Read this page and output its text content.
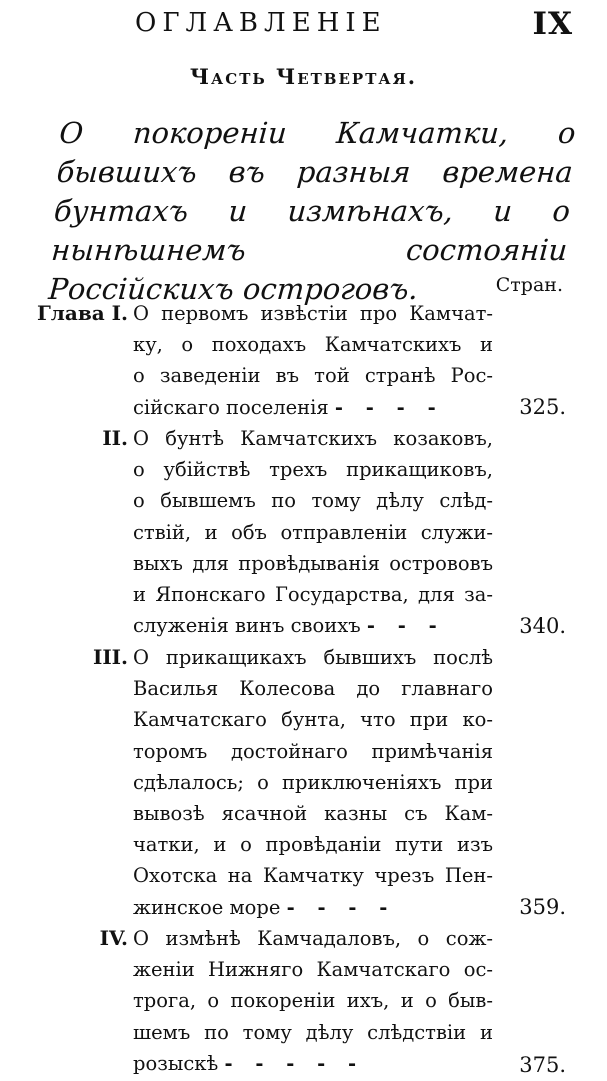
ОГЛАВЛЕНІЕ	IX
Часть Четвертая.
О покореніи Камчатки, о бывшихъ въ разныя времена бунтахъ и измѣнахъ, и о нынѣшнемъ состояніи Россійскихъ остроговъ.	Стран.
Глава I. О первомъ извѣстіи про Камчат-
ку, о походахъ Камчатскихъ и
о заведеніи въ той странѣ Рос-
сійскаго поселенія - - - -	325.
II. О бунтѣ Камчатскихъ козаковъ,
о убійствѣ трехъ прикащиковъ,
о бывшемъ по тому дѣлу слѣд-
ствій, и объ отправленіи служи-
выхъ для провѣдыванія острововъ
и Японскаго Государства, для за-
служенія винъ своихъ - - -	340.
III. О прикащикахъ бывшихъ послѣ
Василья Колесова до главнаго
Камчатскаго бунта, что при ко-
торомъ достойнаго примѣчанія
сдѣлалось; о приключеніяхъ при
вывозѣ ясачной казны съ Кам-
чатки, и о провѣданіи пути изъ
Охотска на Камчатку чрезъ Пен-
жинское море - - - -	359.
IV. О измѣнѣ Камчадаловъ, о сож-
женіи Нижняго Камчатскаго ос-
трога, о покореніи ихъ, и о быв-
шемъ по тому дѣлу слѣдствіи и
розыскѣ - - - - -	375.
